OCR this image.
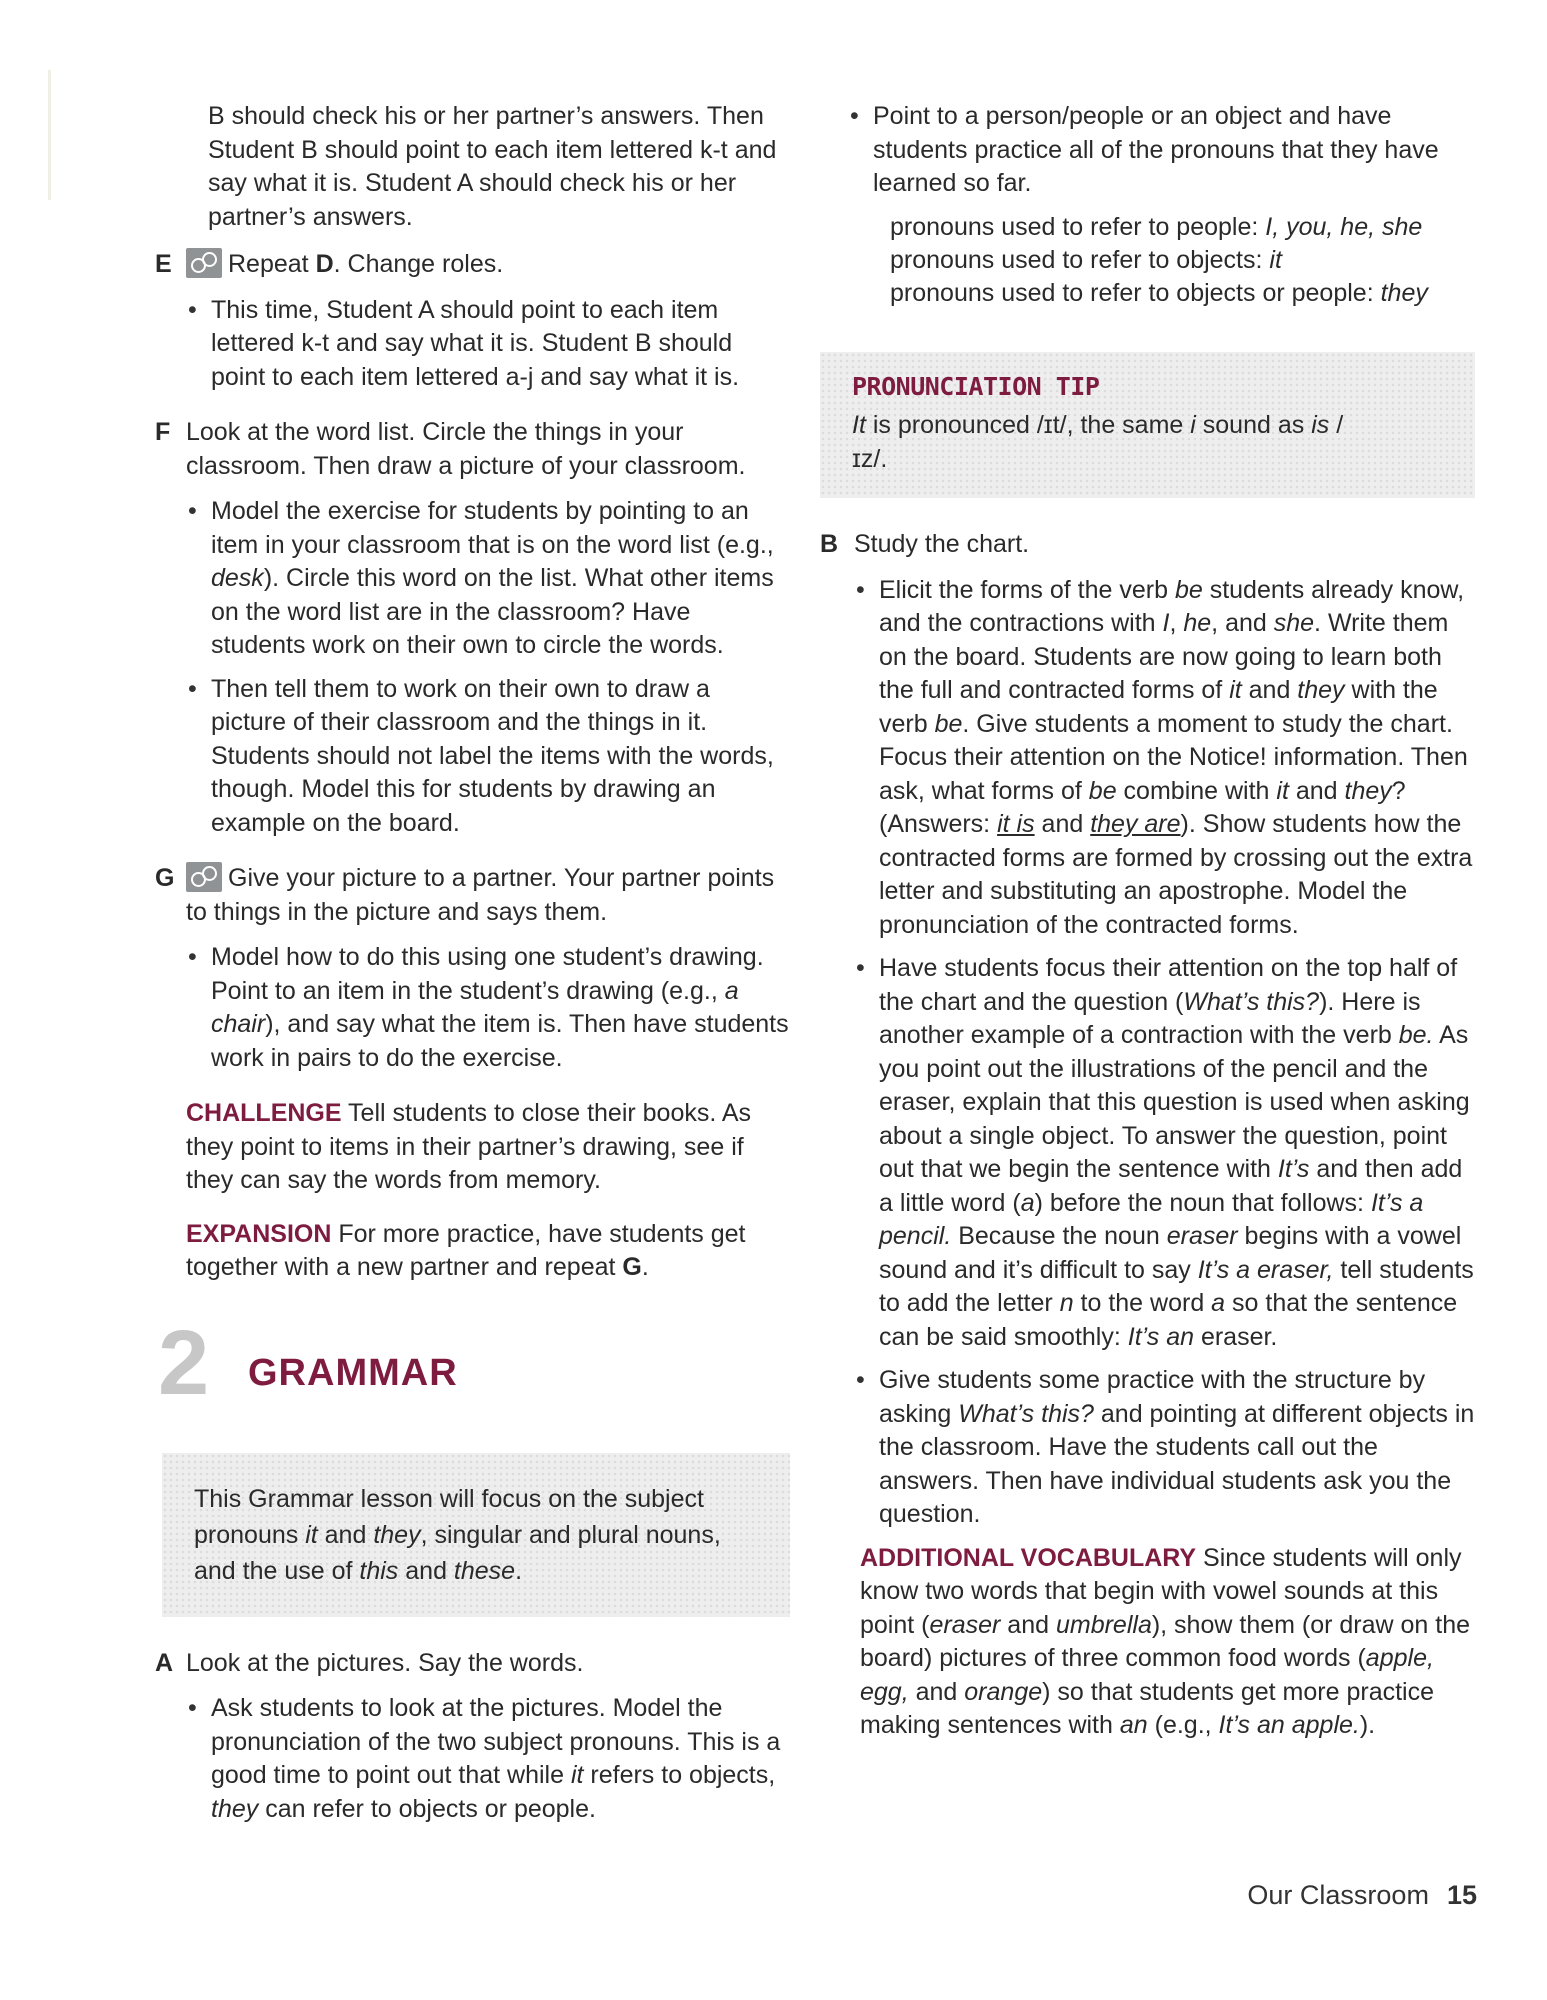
B should check his or her partner’s answers. Then Student B should point to each item lettered k-t and say what it is. Student A should check his or her partner’s answers.

E	Repeat D. Change roles.

• This time, Student A should point to each item lettered k-t and say what it is. Student B should point to each item lettered a-j and say what it is.

F Look at the word list. Circle the things in your classroom. Then draw a picture of your classroom.

• Model the exercise for students by pointing to an item in your classroom that is on the word list (e.g., desk). Circle this word on the list. What other items on the word list are in the classroom? Have students work on their own to circle the words.

• Then tell them to work on their own to draw a picture of their classroom and the things in it. Students should not label the items with the words, though. Model this for students by drawing an example on the board.

G	Give your picture to a partner. Your partner points to things in the picture and says them.

• Model how to do this using one student’s drawing. Point to an item in the student’s drawing (e.g., a chair), and say what the item is. Then have students work in pairs to do the exercise.

CHALLENGE Tell students to close their books. As they point to items in their partner’s drawing, see if they can say the words from memory.

EXPANSION For more practice, have students get together with a new partner and repeat G.

2 GRAMMAR

This Grammar lesson will focus on the subject pronouns it and they, singular and plural nouns, and the use of this and these.

A Look at the pictures. Say the words.

• Ask students to look at the pictures. Model the pronunciation of the two subject pronouns. This is a good time to point out that while it refers to objects, they can refer to objects or people.

• Point to a person/people or an object and have students practice all of the pronouns that they have learned so far.

pronouns used to refer to people: I, you, he, she

pronouns used to refer to objects: it

pronouns used to refer to objects or people: they

PRONUNCIATION TIP

It is pronounced /ɪt/, the same i sound as is /ɪz/.

B Study the chart.

• Elicit the forms of the verb be students already know, and the contractions with I, he, and she. Write them on the board. Students are now going to learn both the full and contracted forms of it and they with the verb be. Give students a moment to study the chart. Focus their attention on the Notice! information. Then ask, what forms of be combine with it and they? (Answers: it is and they are). Show students how the contracted forms are formed by crossing out the extra letter and substituting an apostrophe. Model the pronunciation of the contracted forms.

• Have students focus their attention on the top half of the chart and the question (What’s this?). Here is another example of a contraction with the verb be. As you point out the illustrations of the pencil and the eraser, explain that this question is used when asking about a single object. To answer the question, point out that we begin the sentence with It’s and then add a little word (a) before the noun that follows: It’s a pencil. Because the noun eraser begins with a vowel sound and it’s difficult to say It’s a eraser, tell students to add the letter n to the word a so that the sentence can be said smoothly: It’s an eraser.

• Give students some practice with the structure by asking What’s this? and pointing at different objects in the classroom. Have the students call out the answers. Then have individual students ask you the question.

ADDITIONAL VOCABULARY Since students will only know two words that begin with vowel sounds at this point (eraser and umbrella), show them (or draw on the board) pictures of three common food words (apple, egg, and orange) so that students get more practice making sentences with an (e.g., It’s an apple.).

Our Classroom 15
